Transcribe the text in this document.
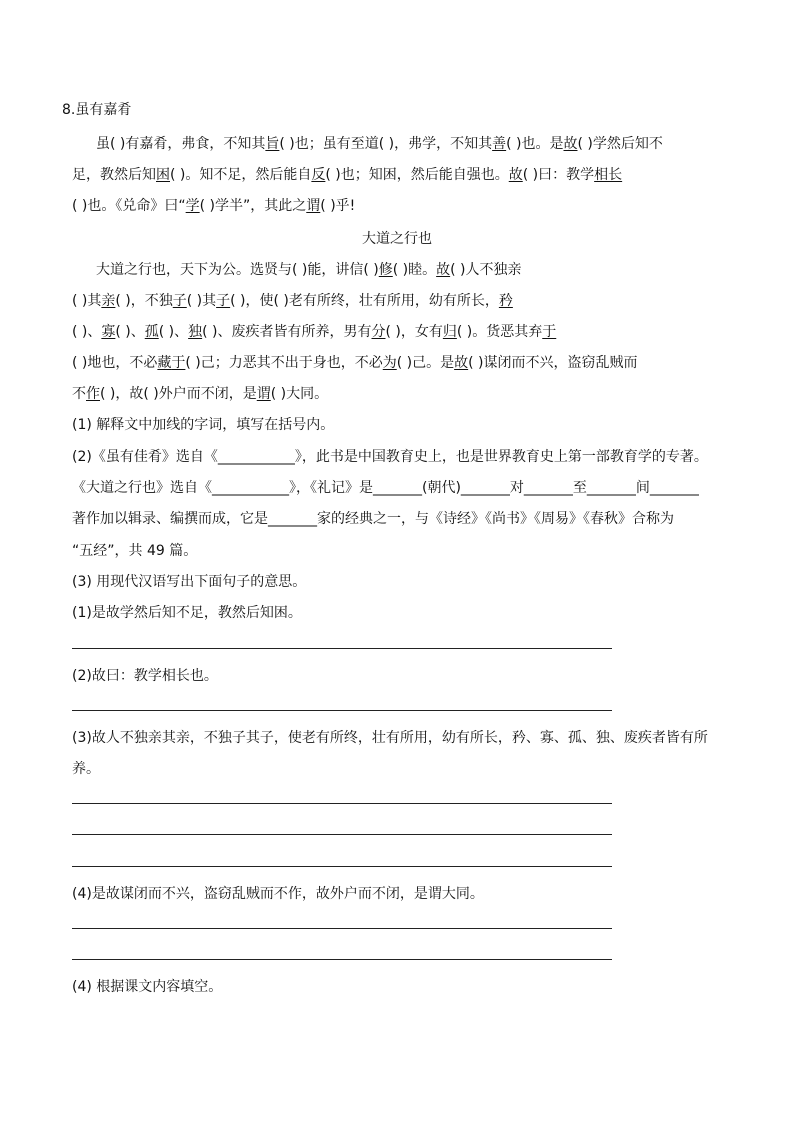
8.虽有嘉肴
虽( )有嘉肴，弗食，不知其旨( )也；虽有至道( )，弗学，不知其善( )也。是故( )学然后知不
足，教然后知困( )。知不足，然后能自反( )也；知困，然后能自强也。故( )曰：教学相长
( )也。《兑命》曰“学( )学半”，其此之谓( )乎!
大道之行也
大道之行也，天下为公。选贤与( )能，讲信( )修( )睦。故( )人不独亲
( )其亲( )，不独子( )其子( )，使( )老有所终，壮有所用，幼有所长，矜
( )、寡( )、孤( )、独( )、废疾者皆有所养，男有分( )，女有归( )。货恶其弃于
( )地也，不必藏于( )己；力恶其不出于身也，不必为( )己。是故( )谋闭而不兴，盗窃乱贼而
不作( )，故( )外户而不闭，是谓( )大同。
(1) 解释文中加线的字词，填写在括号内。
(2)《虽有佳肴》选自《___________》，此书是中国教育史上，也是世界教育史上第一部教育学的专著。
《大道之行也》选自《___________》，《礼记》是_______(朝代)_______对_______至_______间_______
著作加以辑录、编撰而成，它是_______家的经典之一，与《诗经》《尚书》《周易》《春秋》合称为
“五经”，共 49 篇。
(3) 用现代汉语写出下面句子的意思。
(1)是故学然后知不足，教然后知困。
(2)故曰：教学相长也。
(3)故人不独亲其亲，不独子其子，使老有所终，壮有所用，幼有所长，矜、寡、孤、独、废疾者皆有所
养。
(4)是故谋闭而不兴，盗窃乱贼而不作，故外户而不闭，是谓大同。
(4) 根据课文内容填空。
